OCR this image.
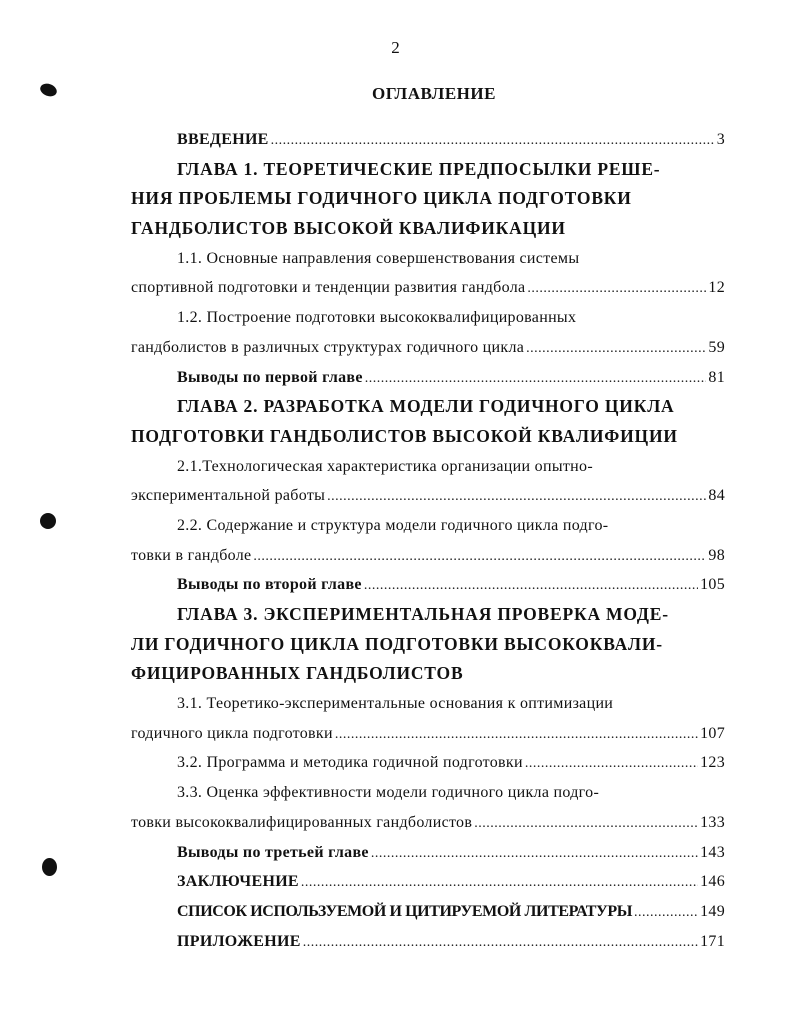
2
ОГЛАВЛЕНИЕ
ВВЕДЕНИЕ . . .	3
ГЛАВА 1. ТЕОРЕТИЧЕСКИЕ ПРЕДПОСЫЛКИ РЕШЕ-
НИЯ ПРОБЛЕМЫ ГОДИЧНОГО ЦИКЛА ПОДГОТОВКИ
ГАНДБОЛИСТОВ ВЫСОКОЙ КВАЛИФИКАЦИИ
1.1. Основные направления совершенствования системы
спортивной подготовки и тенденции развития гандбола . . .	12
1.2. Построение подготовки высококвалифицированных
гандболистов в различных структурах годичного цикла . . .	59
Выводы по первой главе . . .	81
ГЛАВА 2. РАЗРАБОТКА МОДЕЛИ ГОДИЧНОГО ЦИКЛА
ПОДГОТОВКИ ГАНДБОЛИСТОВ ВЫСОКОЙ КВАЛИФИЦИИ
2.1.Технологическая характеристика организации опытно-
экспериментальной работы . . .	84
2.2. Содержание и структура модели годичного цикла подго-
товки в гандболе . . .	98
Выводы по второй главе . . .	105
ГЛАВА 3. ЭКСПЕРИМЕНТАЛЬНАЯ ПРОВЕРКА МОДЕ-
ЛИ ГОДИЧНОГО ЦИКЛА ПОДГОТОВКИ ВЫСОКОКВАЛИ-
ФИЦИРОВАННЫХ ГАНДБОЛИСТОВ
3.1. Теоретико-экспериментальные основания к оптимизации
годичного цикла подготовки . . .	107
3.2. Программа и методика годичной подготовки . . .	123
3.3. Оценка эффективности модели годичного цикла подго-
товки высококвалифицированных гандболистов . . .	133
Выводы по третьей главе . . .	143
ЗАКЛЮЧЕНИЕ . . .	146
СПИСОК ИСПОЛЬЗУЕМОЙ И ЦИТИРУЕМОЙ ЛИТЕРАТУРЫ . . .	149
ПРИЛОЖЕНИЕ . . .	171
